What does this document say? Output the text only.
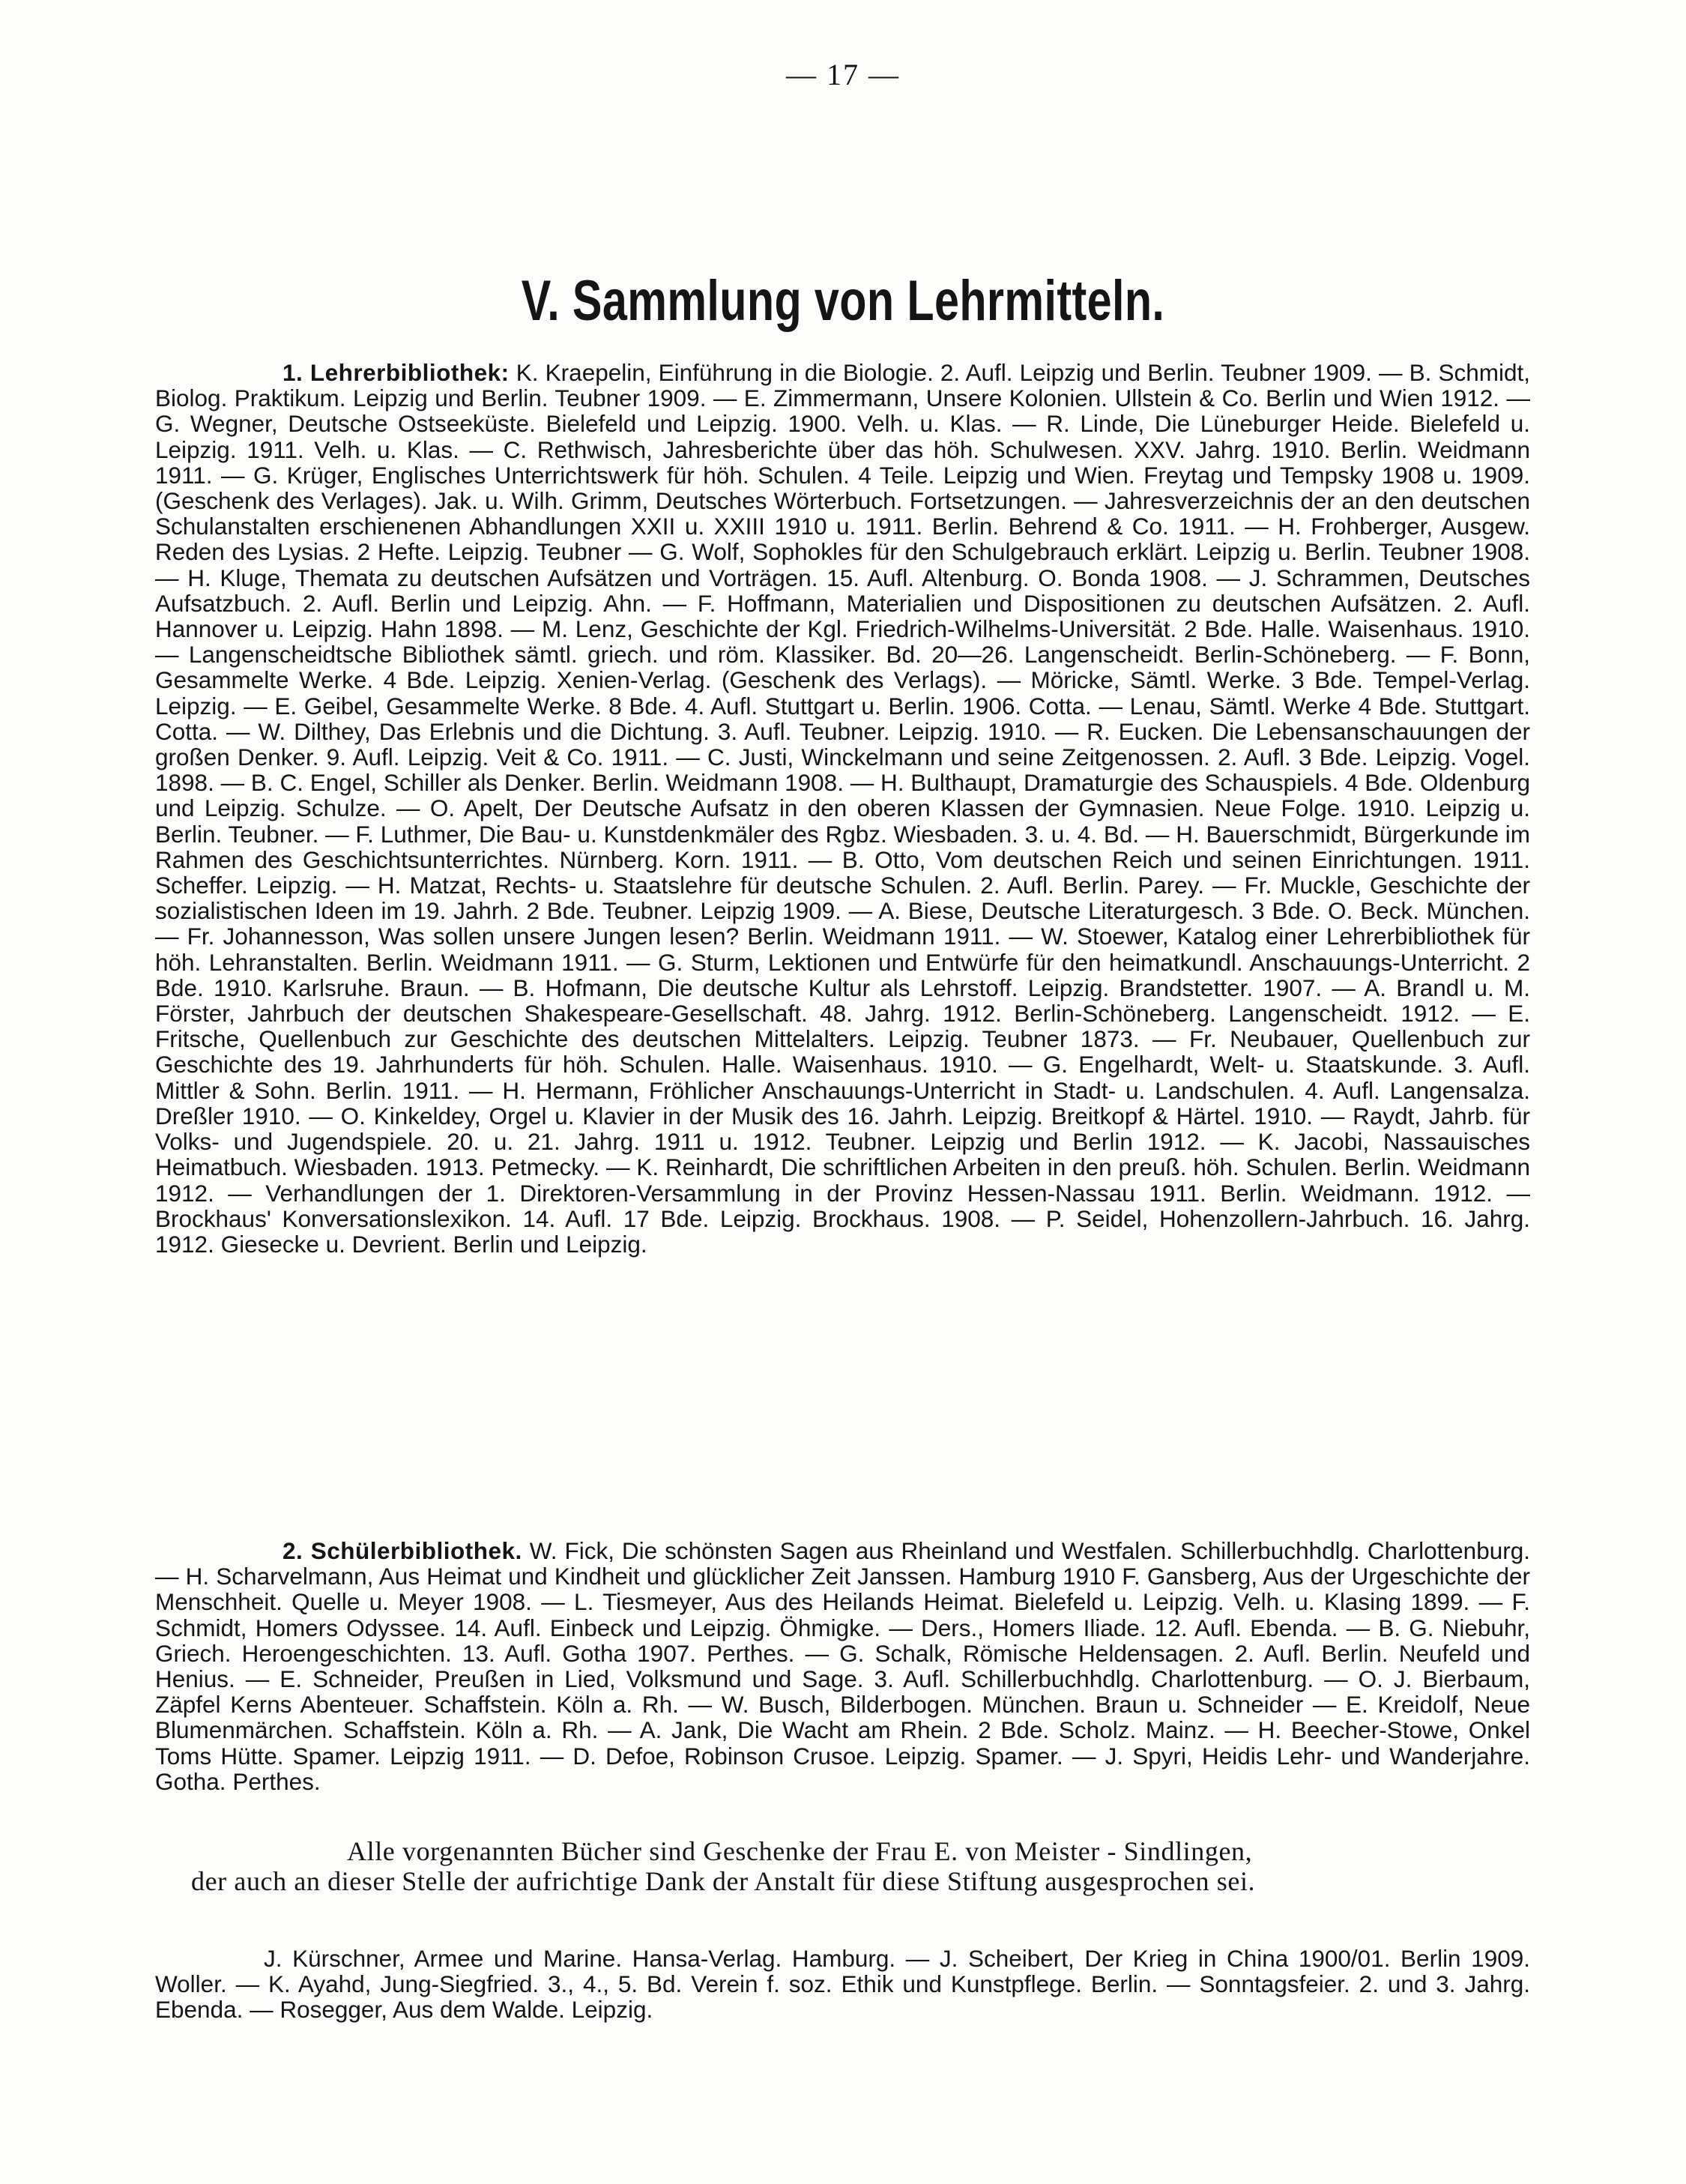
— 17 —
V. Sammlung von Lehrmitteln.
1. Lehrerbibliothek: K. Kraepelin, Einführung in die Biologie. 2. Aufl. Leipzig und Berlin. Teubner 1909. — B. Schmidt, Biolog. Praktikum. Leipzig und Berlin. Teubner 1909. — E. Zimmermann, Unsere Kolonien. Ullstein & Co. Berlin und Wien 1912. — G. Wegner, Deutsche Ostseeküste. Bielefeld und Leipzig. 1900. Velh. u. Klas. — R. Linde, Die Lüneburger Heide. Bielefeld u. Leipzig. 1911. Velh. u. Klas. — C. Rethwisch, Jahresberichte über das höh. Schulwesen. XXV. Jahrg. 1910. Berlin. Weidmann 1911. — G. Krüger, Englisches Unterrichtswerk für höh. Schulen. 4 Teile. Leipzig und Wien. Freytag und Tempsky 1908 u. 1909. (Geschenk des Verlages). Jak. u. Wilh. Grimm, Deutsches Wörterbuch. Fortsetzungen. — Jahresverzeichnis der an den deutschen Schulanstalten erschienenen Abhandlungen XXII u. XXIII 1910 u. 1911. Berlin. Behrend & Co. 1911. — H. Frohberger, Ausgew. Reden des Lysias. 2 Hefte. Leipzig. Teubner — G. Wolf, Sophokles für den Schulgebrauch erklärt. Leipzig u. Berlin. Teubner 1908. — H. Kluge, Themata zu deutschen Aufsätzen und Vorträgen. 15. Aufl. Altenburg. O. Bonda 1908. — J. Schrammen, Deutsches Aufsatzbuch. 2. Aufl. Berlin und Leipzig. Ahn. — F. Hoffmann, Materialien und Dispositionen zu deutschen Aufsätzen. 2. Aufl. Hannover u. Leipzig. Hahn 1898. — M. Lenz, Geschichte der Kgl. Friedrich-Wilhelms-Universität. 2 Bde. Halle. Waisenhaus. 1910. — Langenscheidtsche Bibliothek sämtl. griech. und röm. Klassiker. Bd. 20—26. Langenscheidt. Berlin-Schöneberg. — F. Bonn, Gesammelte Werke. 4 Bde. Leipzig. Xenien-Verlag. (Geschenk des Verlags). — Möricke, Sämtl. Werke. 3 Bde. Tempel-Verlag. Leipzig. — E. Geibel, Gesammelte Werke. 8 Bde. 4. Aufl. Stuttgart u. Berlin. 1906. Cotta. — Lenau, Sämtl. Werke 4 Bde. Stuttgart. Cotta. — W. Dilthey, Das Erlebnis und die Dichtung. 3. Aufl. Teubner. Leipzig. 1910. — R. Eucken. Die Lebensanschauungen der großen Denker. 9. Aufl. Leipzig. Veit & Co. 1911. — C. Justi, Winckelmann und seine Zeitgenossen. 2. Aufl. 3 Bde. Leipzig. Vogel. 1898. — B. C. Engel, Schiller als Denker. Berlin. Weidmann 1908. — H. Bulthaupt, Dramaturgie des Schauspiels. 4 Bde. Oldenburg und Leipzig. Schulze. — O. Apelt, Der Deutsche Aufsatz in den oberen Klassen der Gymnasien. Neue Folge. 1910. Leipzig u. Berlin. Teubner. — F. Luthmer, Die Bau- u. Kunstdenkmäler des Rgbz. Wiesbaden. 3. u. 4. Bd. — H. Bauerschmidt, Bürgerkunde im Rahmen des Geschichtsunterrichtes. Nürnberg. Korn. 1911. — B. Otto, Vom deutschen Reich und seinen Einrichtungen. 1911. Scheffer. Leipzig. — H. Matzat, Rechts- u. Staatslehre für deutsche Schulen. 2. Aufl. Berlin. Parey. — Fr. Muckle, Geschichte der sozialistischen Ideen im 19. Jahrh. 2 Bde. Teubner. Leipzig 1909. — A. Biese, Deutsche Literaturgesch. 3 Bde. O. Beck. München. — Fr. Johannesson, Was sollen unsere Jungen lesen? Berlin. Weidmann 1911. — W. Stoewer, Katalog einer Lehrerbibliothek für höh. Lehranstalten. Berlin. Weidmann 1911. — G. Sturm, Lektionen und Entwürfe für den heimatkundl. Anschauungs-Unterricht. 2 Bde. 1910. Karlsruhe. Braun. — B. Hofmann, Die deutsche Kultur als Lehrstoff. Leipzig. Brandstetter. 1907. — A. Brandl u. M. Förster, Jahrbuch der deutschen Shakespeare-Gesellschaft. 48. Jahrg. 1912. Berlin-Schöneberg. Langenscheidt. 1912. — E. Fritsche, Quellenbuch zur Geschichte des deutschen Mittelalters. Leipzig. Teubner 1873. — Fr. Neubauer, Quellenbuch zur Geschichte des 19. Jahrhunderts für höh. Schulen. Halle. Waisenhaus. 1910. — G. Engelhardt, Welt- u. Staatskunde. 3. Aufl. Mittler & Sohn. Berlin. 1911. — H. Hermann, Fröhlicher Anschauungs-Unterricht in Stadt- u. Landschulen. 4. Aufl. Langensalza. Dreßler 1910. — O. Kinkeldey, Orgel u. Klavier in der Musik des 16. Jahrh. Leipzig. Breitkopf & Härtel. 1910. — Raydt, Jahrb. für Volks- und Jugendspiele. 20. u. 21. Jahrg. 1911 u. 1912. Teubner. Leipzig und Berlin 1912. — K. Jacobi, Nassauisches Heimatbuch. Wiesbaden. 1913. Petmecky. — K. Reinhardt, Die schriftlichen Arbeiten in den preuß. höh. Schulen. Berlin. Weidmann 1912. — Verhandlungen der 1. Direktoren-Versammlung in der Provinz Hessen-Nassau 1911. Berlin. Weidmann. 1912. — Brockhaus' Konversationslexikon. 14. Aufl. 17 Bde. Leipzig. Brockhaus. 1908. — P. Seidel, Hohenzollern-Jahrbuch. 16. Jahrg. 1912. Giesecke u. Devrient. Berlin und Leipzig.
2. Schülerbibliothek. W. Fick, Die schönsten Sagen aus Rheinland und Westfalen. Schillerbuchhdlg. Charlottenburg. — H. Scharvelmann, Aus Heimat und Kindheit und glücklicher Zeit Janssen. Hamburg 1910 F. Gansberg, Aus der Urgeschichte der Menschheit. Quelle u. Meyer 1908. — L. Tiesmeyer, Aus des Heilands Heimat. Bielefeld u. Leipzig. Velh. u. Klasing 1899. — F. Schmidt, Homers Odyssee. 14. Aufl. Einbeck und Leipzig. Öhmigke. — Ders., Homers Iliade. 12. Aufl. Ebenda. — B. G. Niebuhr, Griech. Heroengeschichten. 13. Aufl. Gotha 1907. Perthes. — G. Schalk, Römische Heldensagen. 2. Aufl. Berlin. Neufeld und Henius. — E. Schneider, Preußen in Lied, Volksmund und Sage. 3. Aufl. Schillerbuchhdlg. Charlottenburg. — O. J. Bierbaum, Zäpfel Kerns Abenteuer. Schaffstein. Köln a. Rh. — W. Busch, Bilderbogen. München. Braun u. Schneider — E. Kreidolf, Neue Blumenmärchen. Schaffstein. Köln a. Rh. — A. Jank, Die Wacht am Rhein. 2 Bde. Scholz. Mainz. — H. Beecher-Stowe, Onkel Toms Hütte. Spamer. Leipzig 1911. — D. Defoe, Robinson Crusoe. Leipzig. Spamer. — J. Spyri, Heidis Lehr- und Wanderjahre. Gotha. Perthes.
Alle vorgenannten Bücher sind Geschenke der Frau E. von Meister - Sindlingen,
der auch an dieser Stelle der aufrichtige Dank der Anstalt für diese Stiftung ausgesprochen sei.
J. Kürschner, Armee und Marine. Hansa-Verlag. Hamburg. — J. Scheibert, Der Krieg in China 1900/01. Berlin 1909. Woller. — K. Ayahd, Jung-Siegfried. 3., 4., 5. Bd. Verein f. soz. Ethik und Kunstpflege. Berlin. — Sonntagsfeier. 2. und 3. Jahrg. Ebenda. — Rosegger, Aus dem Walde. Leipzig.
